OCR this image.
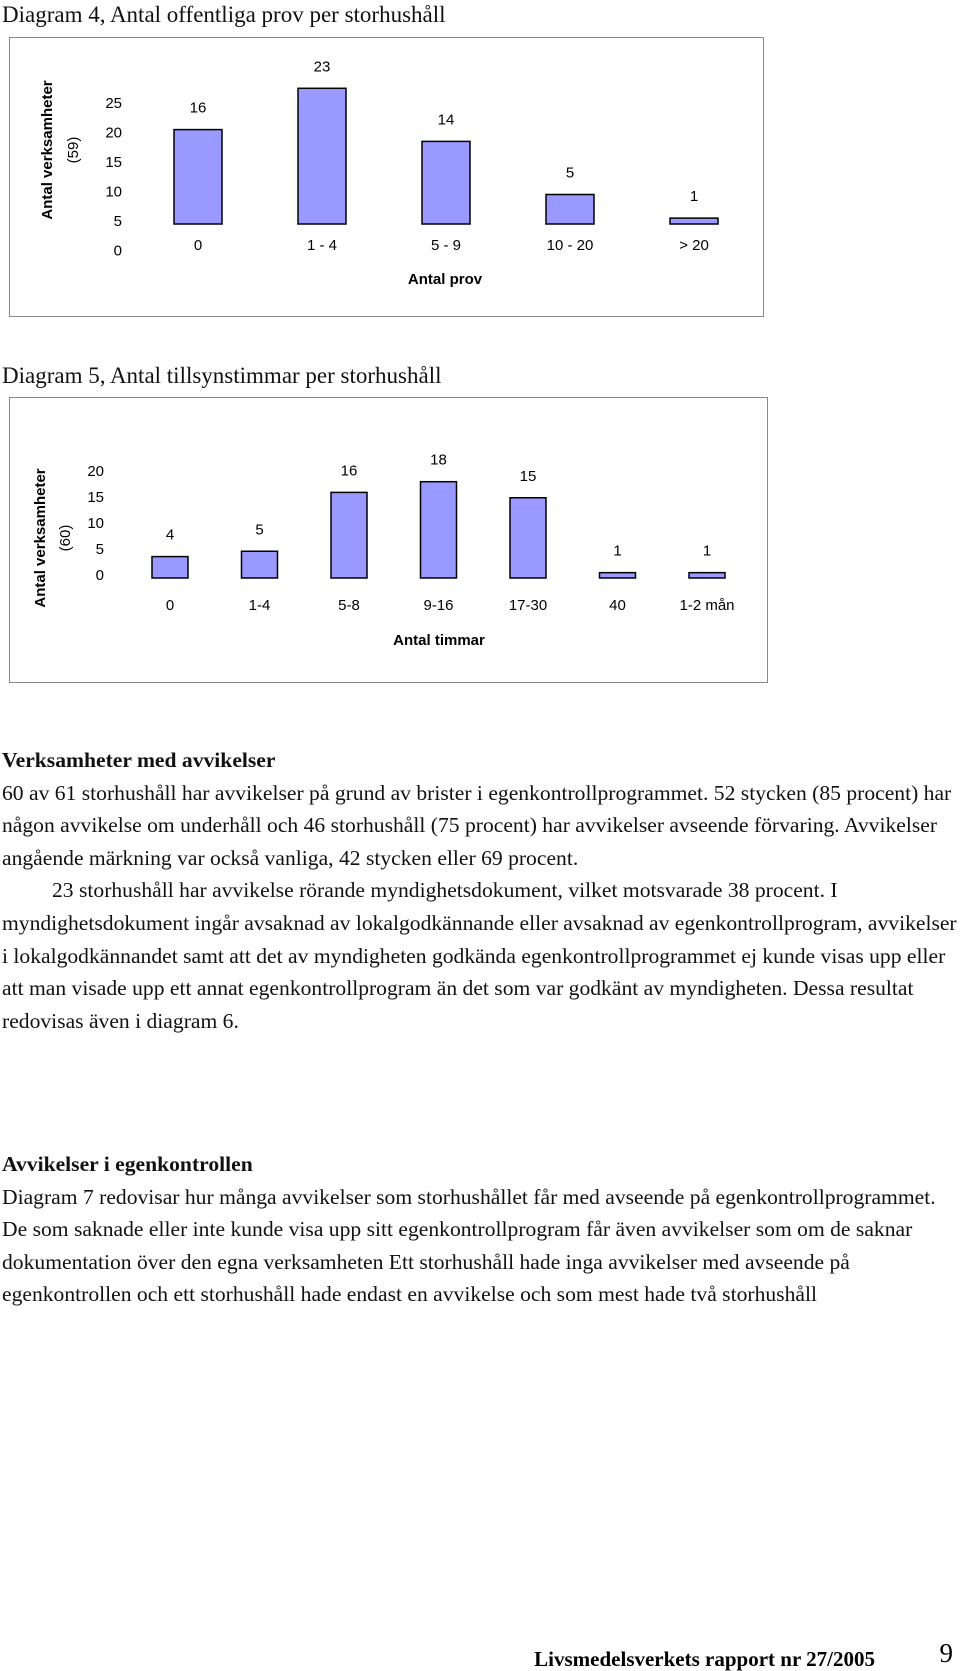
Diagram 4, Antal offentliga prov per storhushåll
Antal verksamheter (59)
25
20
15
10
5
0
16
0
23
1 - 4
14
5 - 9
5
10 - 20
1
> 20
Antal prov
Diagram 5, Antal tillsynstimmar per storhushåll
Antal verksamheter (60)
20
15
10
5
0
4
0
5
1-4
16
5-8
18
9-16
15
17-30
1
40
1
1-2 mån
Antal timmar

Verksamheter med avvikelser

60 av 61 storhushåll har avvikelser på grund av brister i egenkontrollprogrammet. 52 stycken (85 procent) har någon avvikelse om underhåll och 46 storhushåll (75 procent) har avvikelser avseende förvaring. Avvikelser angående märkning var också vanliga, 42 stycken eller 69 procent.

23 storhushåll har avvikelse rörande myndighetsdokument, vilket motsvarade 38 procent. I myndighetsdokument ingår avsaknad av lokalgodkännande eller avsaknad av egenkontrollprogram, avvikelser i lokalgodkännandet samt att det av myndigheten godkända egenkontrollprogrammet ej kunde visas upp eller att man visade upp ett annat egenkontrollprogram än det som var godkänt av myndigheten. Dessa resultat redovisas även i diagram 6.

Avvikelser i egenkontrollen

Diagram 7 redovisar hur många avvikelser som storhushållet får med avseende på egenkontrollprogrammet. De som saknade eller inte kunde visa upp sitt egenkontrollprogram får även avvikelser som om de saknar dokumentation över den egna verksamheten Ett storhushåll hade inga avvikelser med avseende på egenkontrollen och ett storhushåll hade endast en avvikelse och som mest hade två storhushåll

Livsmedelsverkets rapport nr 27/2005 9
